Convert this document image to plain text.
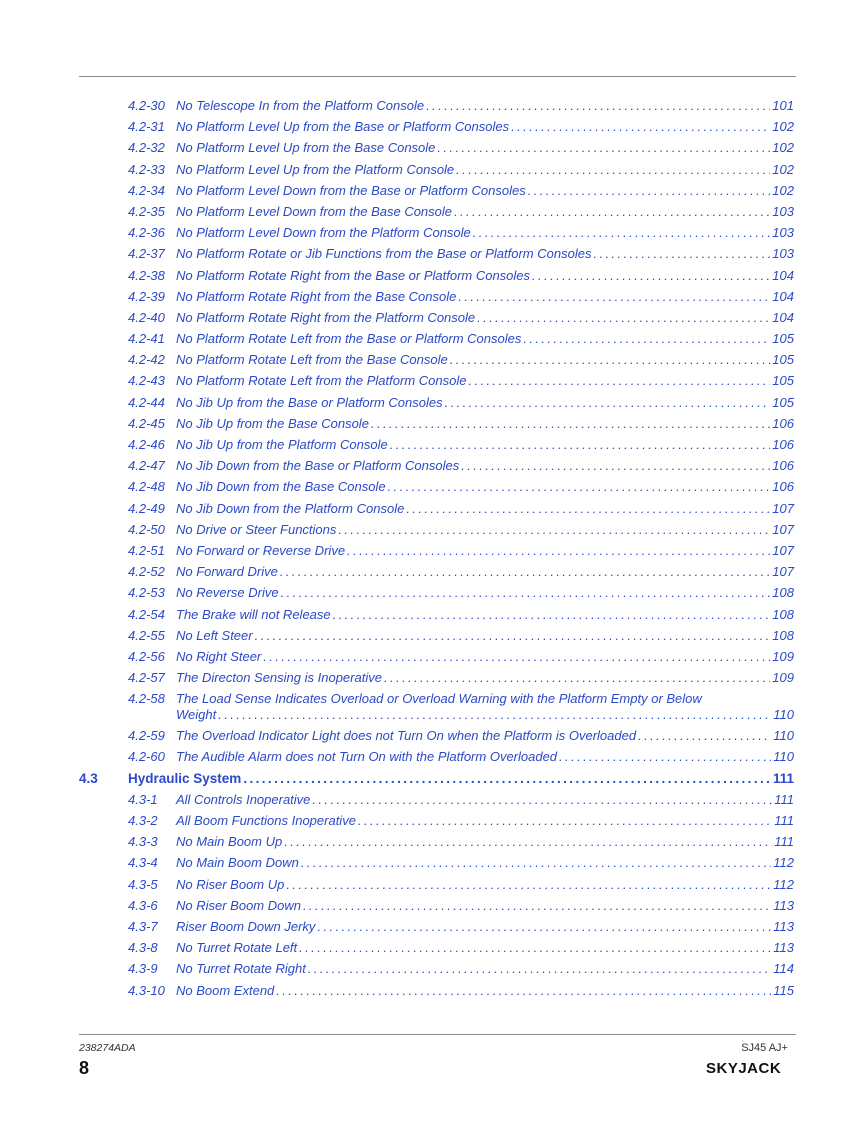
4.2-30 No Telescope In from the Platform Console .....	101
4.2-31 No Platform Level Up from the Base or Platform Consoles .....	102
4.2-32 No Platform Level Up from the Base Console .....	102
4.2-33 No Platform Level Up from the Platform Console .....	102
4.2-34 No Platform Level Down from the Base or Platform Consoles .....	102
4.2-35 No Platform Level Down from the Base Console .....	103
4.2-36 No Platform Level Down from the Platform Console .....	103
4.2-37 No Platform Rotate or Jib Functions from the Base or Platform Consoles .....	103
4.2-38 No Platform Rotate Right from the Base or Platform Consoles .....	104
4.2-39 No Platform Rotate Right from the Base Console .....	104
4.2-40 No Platform Rotate Right from the Platform Console .....	104
4.2-41 No Platform Rotate Left from the Base or Platform Consoles .....	105
4.2-42 No Platform Rotate Left from the Base Console .....	105
4.2-43 No Platform Rotate Left from the Platform Console .....	105
4.2-44 No Jib Up from the Base or Platform Consoles .....	105
4.2-45 No Jib Up from the Base Console .....	106
4.2-46 No Jib Up from the Platform Console .....	106
4.2-47 No Jib Down from the Base or Platform Consoles .....	106
4.2-48 No Jib Down from the Base Console .....	106
4.2-49 No Jib Down from the Platform Console .....	107
4.2-50 No Drive or Steer Functions .....	107
4.2-51 No Forward or Reverse Drive .....	107
4.2-52 No Forward Drive .....	107
4.2-53 No Reverse Drive .....	108
4.2-54 The Brake will not Release .....	108
4.2-55 No Left Steer .....	108
4.2-56 No Right Steer .....	109
4.2-57 The Directon Sensing is Inoperative .....	109
4.2-58 The Load Sense Indicates Overload or Overload Warning with the Platform Empty or Below
Weight .....	110
4.2-59 The Overload Indicator Light does not Turn On when the Platform is Overloaded .....	110
4.2-60 The Audible Alarm does not Turn On with the Platform Overloaded .....	110
4.3	Hydraulic System .....	111
4.3-1	All Controls Inoperative .....	111
4.3-2	All Boom Functions Inoperative .....	111
4.3-3	No Main Boom Up .....	111
4.3-4	No Main Boom Down .....	112
4.3-5	No Riser Boom Up .....	112
4.3-6	No Riser Boom Down .....	113
4.3-7	Riser Boom Down Jerky .....	113
4.3-8	No Turret Rotate Left .....	113
4.3-9	No Turret Rotate Right .....	114
4.3-10 No Boom Extend .....	115
238274ADA
8
SJ45 AJ+
SKYJACK
